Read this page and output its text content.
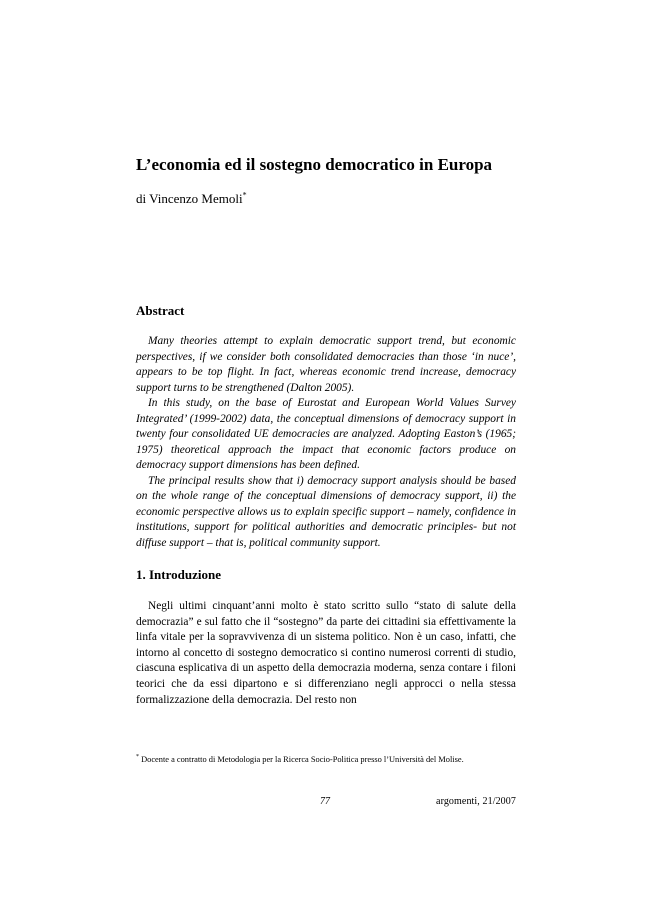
L’economia ed il sostegno democratico in Europa
di Vincenzo Memoli*
Abstract

Many theories attempt to explain democratic support trend, but economic perspectives, if we consider both consolidated democracies than those ‘in nuce’, appears to be top flight. In fact, whereas economic trend increase, democracy support turns to be strengthened (Dalton 2005).

In this study, on the base of Eurostat and European World Values Survey Integrated’ (1999-2002) data, the conceptual dimensions of democracy support in twenty four consolidated UE democracies are analyzed. Adopting Easton’s (1965; 1975) theoretical approach the impact that economic factors produce on democracy support dimensions has been defined.

The principal results show that i) democracy support analysis should be based on the whole range of the conceptual dimensions of democracy support, ii) the economic perspective allows us to explain specific support – namely, confidence in institutions, support for political authorities and democratic principles- but not diffuse support – that is, political community support.

1. Introduzione

Negli ultimi cinquant’anni molto è stato scritto sullo “stato di salute della democrazia” e sul fatto che il “sostegno” da parte dei cittadini sia effettivamente la linfa vitale per la sopravvivenza di un sistema politico. Non è un caso, infatti, che intorno al concetto di sostegno democratico si contino numerosi correnti di studio, ciascuna esplicativa di un aspetto della democrazia moderna, senza contare i filoni teorici che da essi dipartono e si differenziano negli approcci o nella stessa formalizzazione della democrazia. Del resto non

* Docente a contratto di Metodologia per la Ricerca Socio-Politica presso l’Università del Molise.
77	argomenti, 21/2007
